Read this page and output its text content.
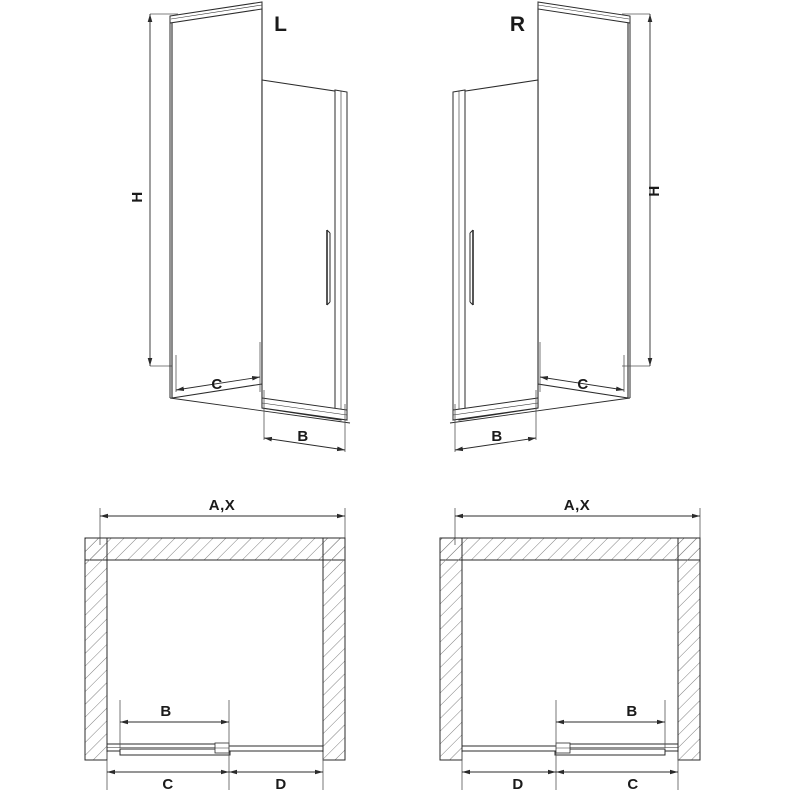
L
H
C
B
R
H
C
B
A,X
B
C	D
A,X
B
D	C
